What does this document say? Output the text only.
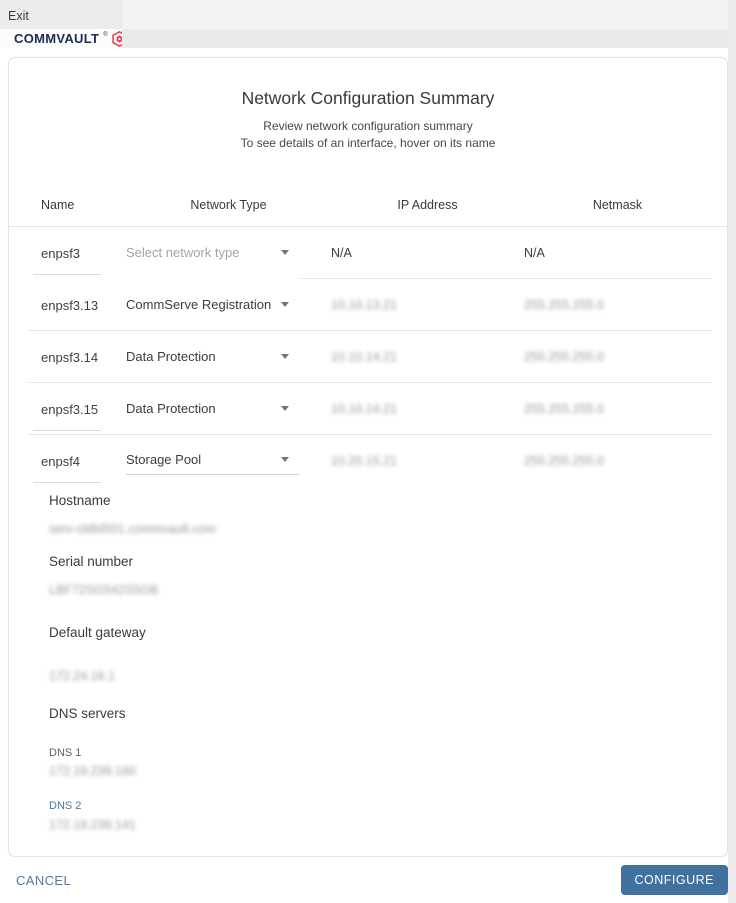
Exit
COMMVAULT ®
Network Configuration Summary
Review network configuration summary
To see details of an interface, hover on its name
Name	Network Type	IP Address	Netmask
enpsf3	Select network type	N/A	N/A
enpsf3.13	CommServe Registration	10.10.13.21	255.255.255.0
enpsf3.14	Data Protection	10.10.14.21	255.255.255.0
enpsf3.15	Data Protection	10.10.14.21	255.255.255.0
enpsf4	Storage Pool	10.20.15.21	255.255.255.0
Hostname
serv-cb8d501.commvault.com
Serial number
LBF72SG542S5GB
Default gateway
172.24.16.1
DNS servers
DNS 1
172.19.239.160
DNS 2
172.19.239.141
CANCEL	CONFIGURE
